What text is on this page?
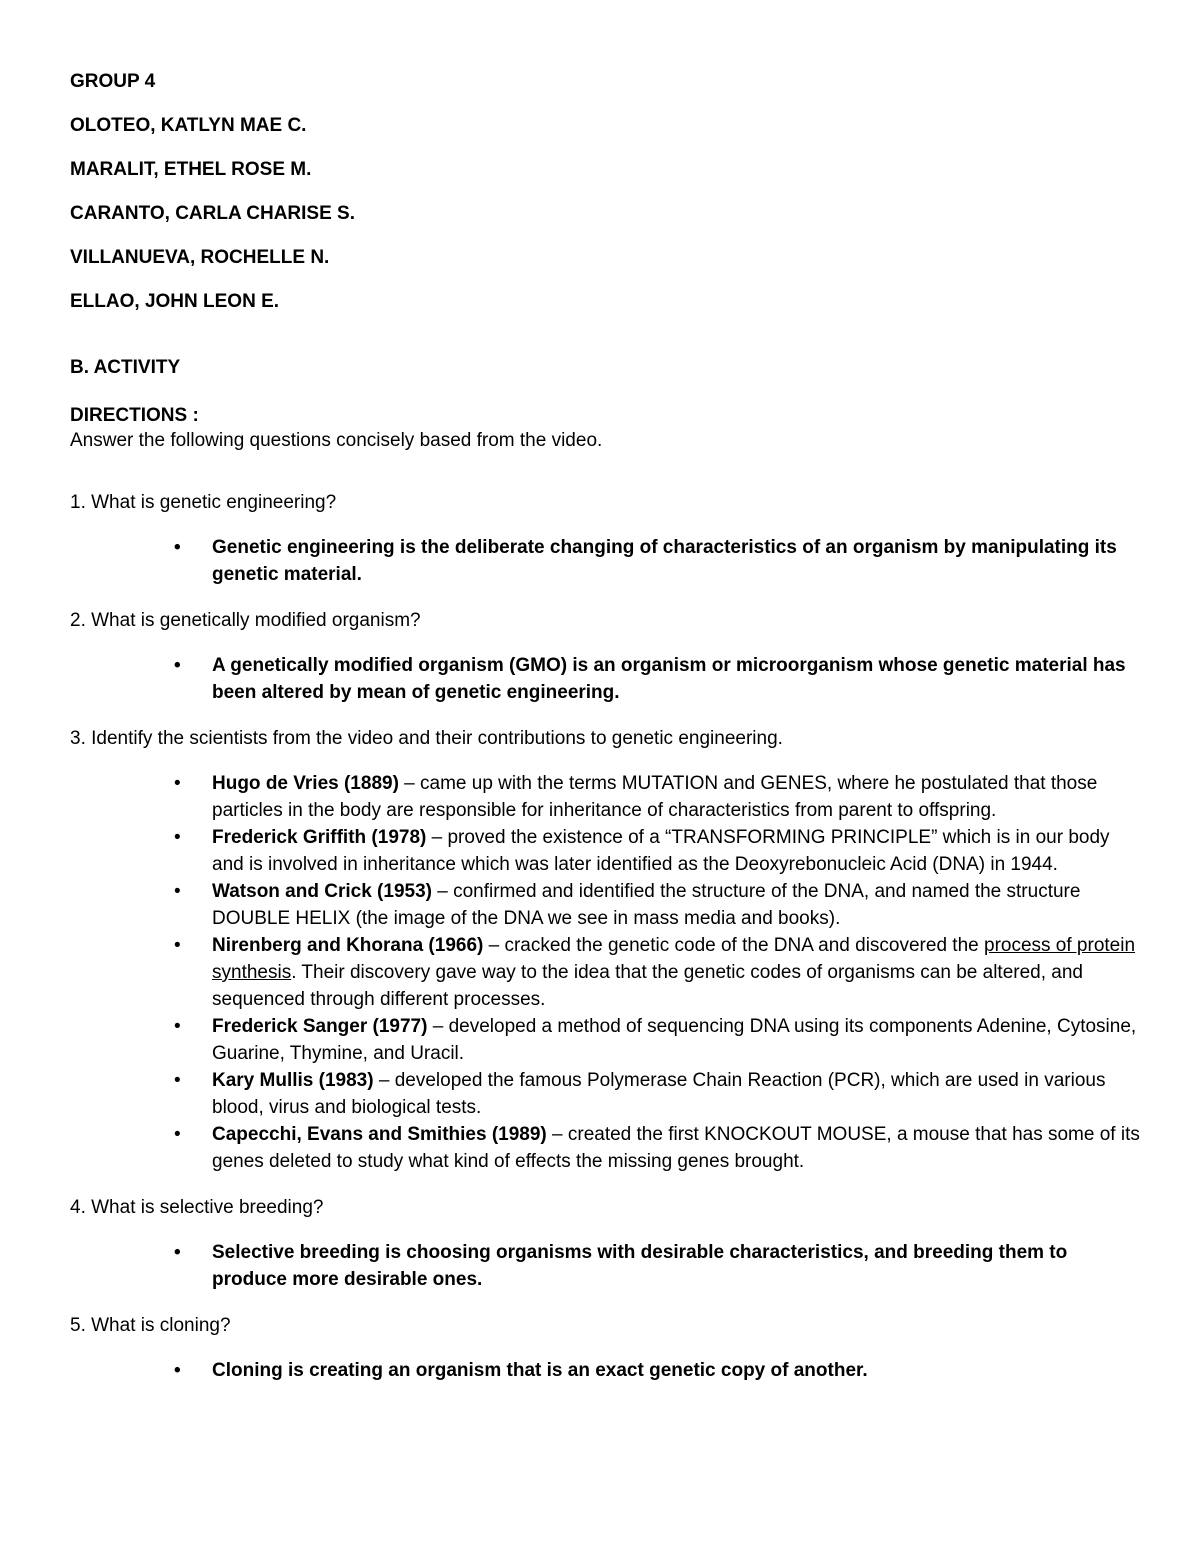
GROUP 4

OLOTEO, KATLYN MAE C.

MARALIT, ETHEL ROSE M.

CARANTO, CARLA CHARISE S.

VILLANUEVA, ROCHELLE N.

ELLAO, JOHN LEON E.

B. ACTIVITY

DIRECTIONS :

Answer the following questions concisely based from the video.

1. What is genetic engineering?

• Genetic engineering is the deliberate changing of characteristics of an organism by manipulating its genetic material.

2. What is genetically modified organism?

• A genetically modified organism (GMO) is an organism or microorganism whose genetic material has been altered by mean of genetic engineering.

3. Identify the scientists from the video and their contributions to genetic engineering.

• Hugo de Vries (1889) – came up with the terms MUTATION and GENES, where he postulated that those particles in the body are responsible for inheritance of characteristics from parent to offspring.
• Frederick Griffith (1978) – proved the existence of a “TRANSFORMING PRINCIPLE” which is in our body and is involved in inheritance which was later identified as the Deoxyrebonucleic Acid (DNA) in 1944.
• Watson and Crick (1953) – confirmed and identified the structure of the DNA, and named the structure DOUBLE HELIX (the image of the DNA we see in mass media and books).
• Nirenberg and Khorana (1966) – cracked the genetic code of the DNA and discovered the process of protein synthesis. Their discovery gave way to the idea that the genetic codes of organisms can be altered, and sequenced through different processes.
• Frederick Sanger (1977) – developed a method of sequencing DNA using its components Adenine, Cytosine, Guarine, Thymine, and Uracil.
• Kary Mullis (1983) – developed the famous Polymerase Chain Reaction (PCR), which are used in various blood, virus and biological tests.
• Capecchi, Evans and Smithies (1989) – created the first KNOCKOUT MOUSE, a mouse that has some of its genes deleted to study what kind of effects the missing genes brought.

4. What is selective breeding?

• Selective breeding is choosing organisms with desirable characteristics, and breeding them to produce more desirable ones.

5. What is cloning?

• Cloning is creating an organism that is an exact genetic copy of another.
